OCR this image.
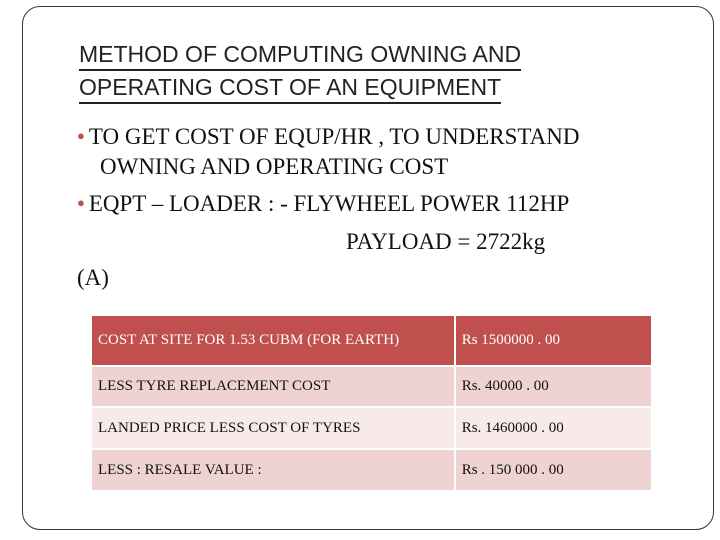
METHOD OF COMPUTING OWNING AND
OPERATING COST OF AN EQUIPMENT
● TO GET COST OF EQUP/HR , TO UNDERSTAND
OWNING AND OPERATING COST
● EQPT – LOADER : - FLYWHEEL POWER 112HP
PAYLOAD = 2722kg
(A)
COST AT SITE FOR 1.53 CUBM (FOR EARTH)	Rs 1500000 . 00
LESS TYRE REPLACEMENT COST	Rs. 40000 . 00
LANDED PRICE LESS COST OF TYRES	Rs. 1460000 . 00
LESS : RESALE VALUE :	Rs . 150 000 . 00
